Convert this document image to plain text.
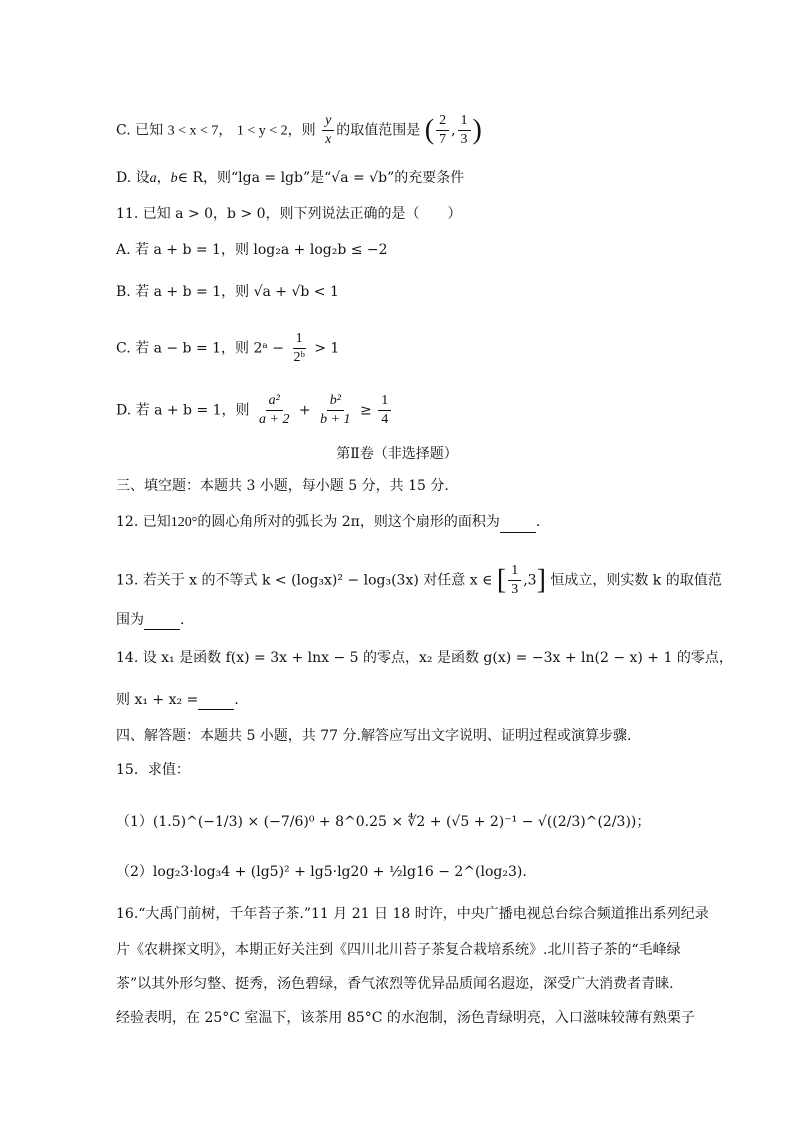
C. 已知 3 < x < 7， 1 < y < 2，则 $\frac{y}{x}$ 的取值范围是 ( $\frac{2}{7}$ , $\frac{1}{3}$ )
D. 设a，b∈ R，则“lga = lgb”是“√a = √b”的充要条件
11. 已知 a > 0，b > 0，则下列说法正确的是（　　）
A. 若 a + b = 1，则 log₂a + log₂b ≤ −2
B. 若 a + b = 1，则 √a + √b < 1
C. 若 a − b = 1，则 2ᵃ − $\frac{1}{\text{2ᵇ}} > 1$
D. 若 a + b = 1，则 $\frac{\text{a²}}{a + 2} + \frac{\text{b²}}{b + 1} \ge \frac{1}{4}$
第Ⅱ卷（非选择题）
三、填空题：本题共 3 小题，每小题 5 分，共 15 分.
12. 已知120°的圆心角所对的弧长为 2π，则这个扇形的面积为	.
13. 若关于 x 的不等式 k < (log₃x)² − log₃(3x) 对任意 x ∈ [ $\frac{1}{3} ,3$] 恒成立，则实数 k 的取值范
围为	.
14. 设 x₁ 是函数 f(x) = 3x + lnx − 5 的零点，x₂ 是函数 g(x) = −3x + ln(2 − x) + 1 的零点，
则 x₁ + x₂ =	.
四、解答题：本题共 5 小题，共 77 分.解答应写出文字说明、证明过程或演算步骤.
15．求值：
（1）(1.5)^(−1/3) × (−7/6)⁰ + 8^0.25 × ∜2 + (√5 + 2)⁻¹ − √((2/3)^(2/3))；
（2）log₂3·log₃4 + (lg5)² + lg5·lg20 + ½lg16 − 2^(log₂3).
16.“大禹门前树，千年苔子茶.”11 月 21 日 18 时许，中央广播电视总台综合频道推出系列纪录
片《农耕探文明》，本期正好关注到《四川北川苔子茶复合栽培系统》.北川苔子茶的“毛峰绿
茶”以其外形匀整、挺秀，汤色碧绿，香气浓烈等优异品质闻名遐迩，深受广大消费者青睐.
经验表明，在 25°C 室温下，该茶用 85°C 的水泡制，汤色青绿明亮，入口滋味较薄有熟栗子
